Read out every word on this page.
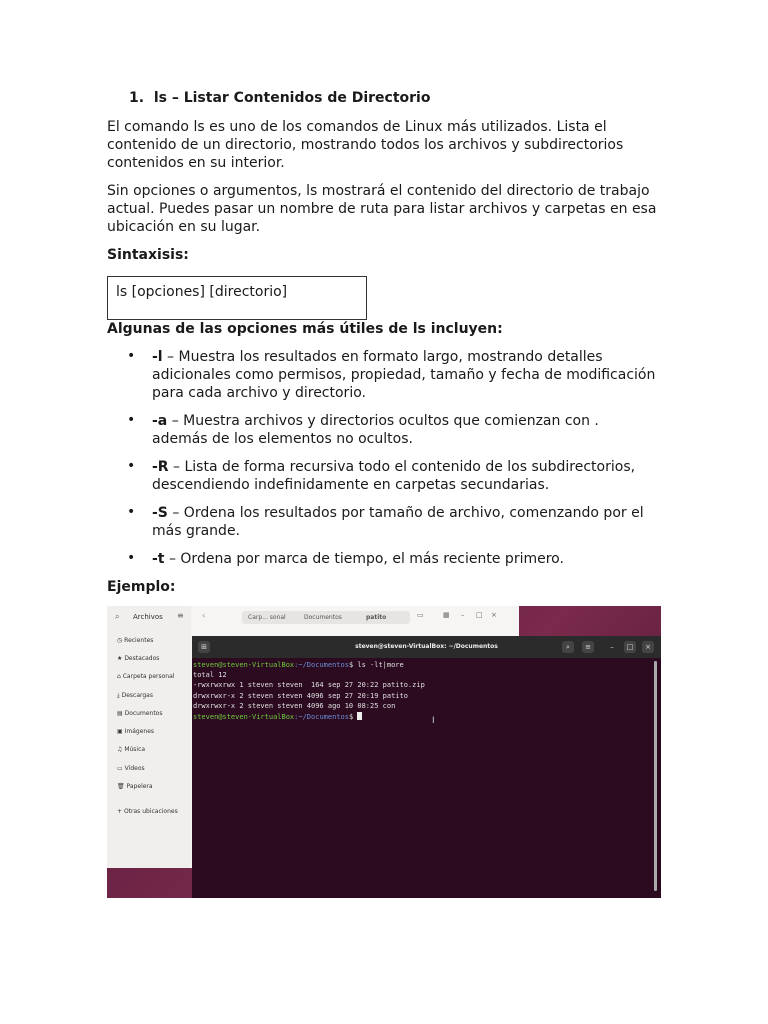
1. ls – Listar Contenidos de Directorio

El comando ls es uno de los comandos de Linux más utilizados. Lista el contenido de un directorio, mostrando todos los archivos y subdirectorios contenidos en su interior.

Sin opciones o argumentos, ls mostrará el contenido del directorio de trabajo actual. Puedes pasar un nombre de ruta para listar archivos y carpetas en esa ubicación en su lugar.

Sintaxisis:

ls [opciones] [directorio]

Algunas de las opciones más útiles de ls incluyen:

• -l – Muestra los resultados en formato largo, mostrando detalles adicionales como permisos, propiedad, tamaño y fecha de modificación para cada archivo y directorio.
• -a – Muestra archivos y directorios ocultos que comienzan con . además de los elementos no ocultos.
• -R – Lista de forma recursiva todo el contenido de los subdirectorios, descendiendo indefinidamente en carpetas secundarias.
• -S – Ordena los resultados por tamaño de archivo, comenzando por el más grande.
• -t – Ordena por marca de tiempo, el más reciente primero.

Ejemplo:

⌕ Archivos ≡ ‹	Carp... sonal	Documentos	patito	▭	▦ – □ ×
◷ Recientes
★ Destacados
⌂ Carpeta personal
⤓ Descargas
▤ Documentos
▣ Imágenes
♫ Música
▭ Vídeos
🗑 Papelera
+ Otras ubicaciones
⊞	steven@steven-VirtualBox: ~/Documentos	⌕	≡	–	□	×
steven@steven-VirtualBox:~/Documentos$ ls -lt|more
total 12
-rwxrwxrwx 1 steven steven  164 sep 27 20:22 patito.zip
drwxrwxr-x 2 steven steven 4096 sep 27 20:19 patito
drwxrwxr-x 2 steven steven 4096 ago 10 08:25 con
steven@steven-VirtualBox:~/Documentos$	I
